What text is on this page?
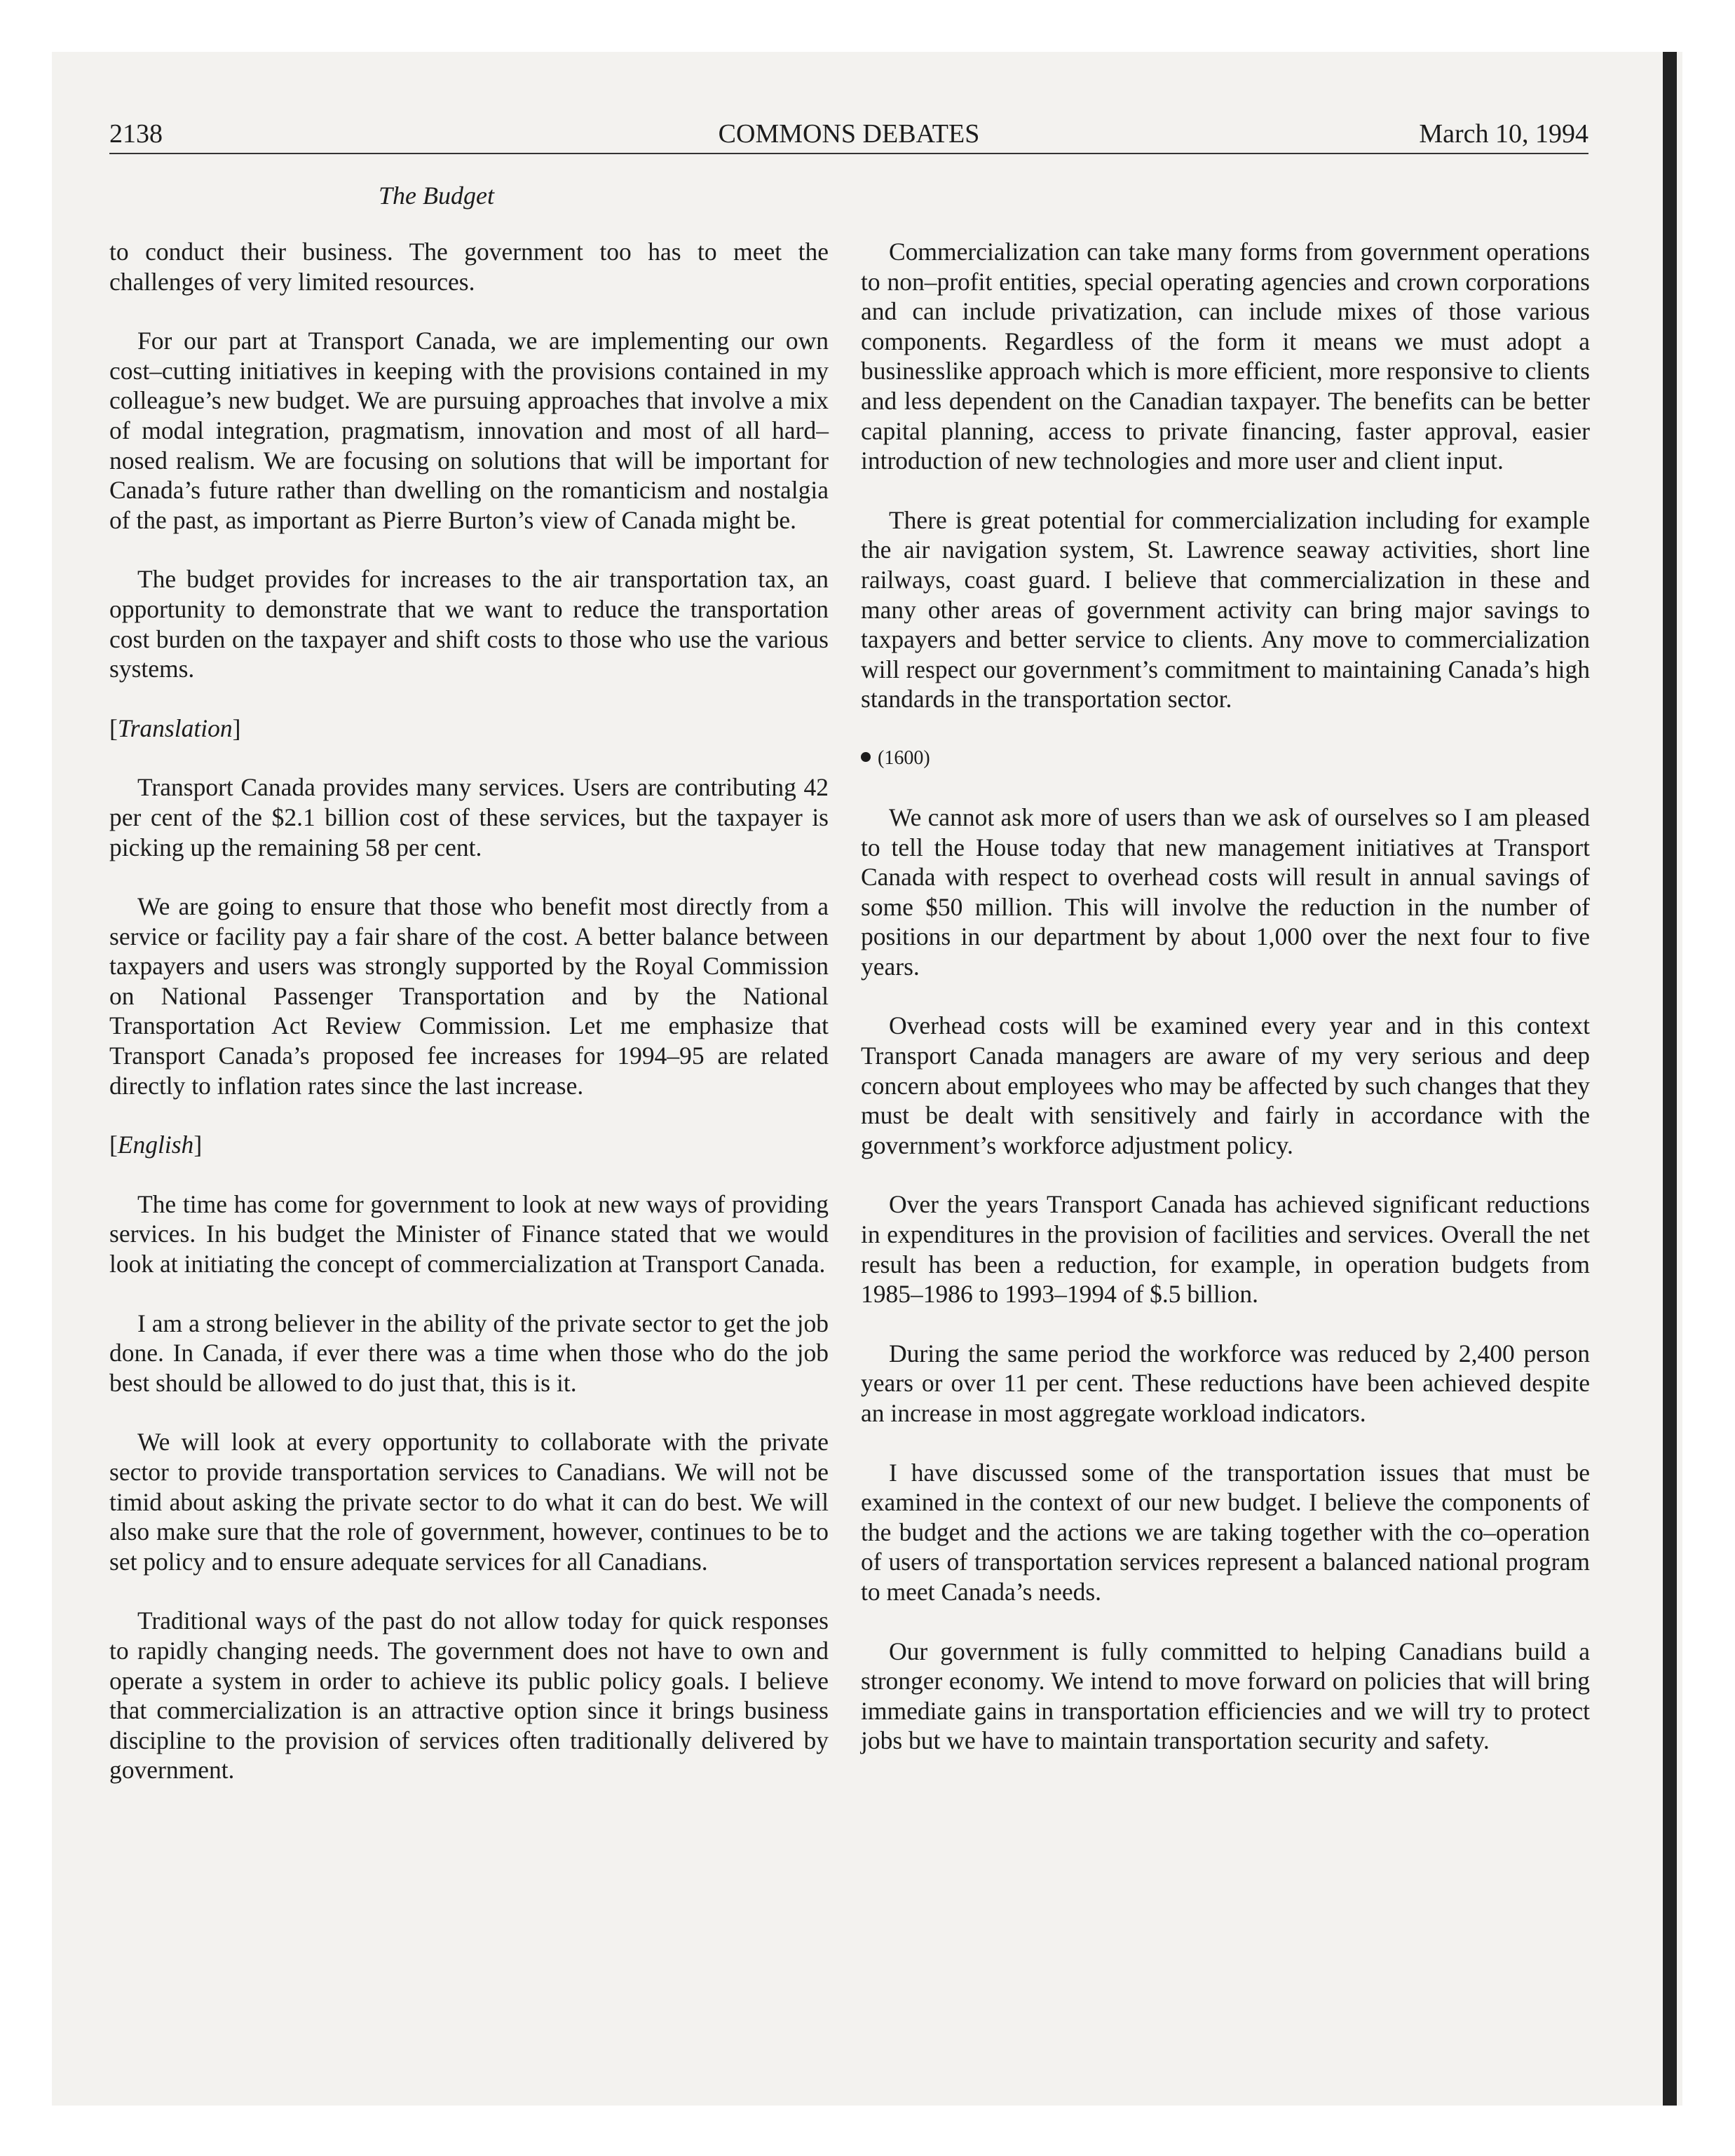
2138	COMMONS DEBATES	March 10, 1994
The Budget

to conduct their business. The government too has to meet the challenges of very limited resources.

For our part at Transport Canada, we are implementing our own cost–cutting initiatives in keeping with the provisions contained in my colleague’s new budget. We are pursuing approaches that involve a mix of modal integration, pragmatism, innovation and most of all hard–nosed realism. We are focusing on solutions that will be important for Canada’s future rather than dwelling on the romanticism and nostalgia of the past, as important as Pierre Burton’s view of Canada might be.

The budget provides for increases to the air transportation tax, an opportunity to demonstrate that we want to reduce the transportation cost burden on the taxpayer and shift costs to those who use the various systems.

[Translation]

Transport Canada provides many services. Users are contributing 42 per cent of the $2.1 billion cost of these services, but the taxpayer is picking up the remaining 58 per cent.

We are going to ensure that those who benefit most directly from a service or facility pay a fair share of the cost. A better balance between taxpayers and users was strongly supported by the Royal Commission on National Passenger Transportation and by the National Transportation Act Review Commission. Let me emphasize that Transport Canada’s proposed fee increases for 1994–95 are related directly to inflation rates since the last increase.

[English]

The time has come for government to look at new ways of providing services. In his budget the Minister of Finance stated that we would look at initiating the concept of commercialization at Transport Canada.

I am a strong believer in the ability of the private sector to get the job done. In Canada, if ever there was a time when those who do the job best should be allowed to do just that, this is it.

We will look at every opportunity to collaborate with the private sector to provide transportation services to Canadians. We will not be timid about asking the private sector to do what it can do best. We will also make sure that the role of government, however, continues to be to set policy and to ensure adequate services for all Canadians.

Traditional ways of the past do not allow today for quick responses to rapidly changing needs. The government does not have to own and operate a system in order to achieve its public policy goals. I believe that commercialization is an attractive option since it brings business discipline to the provision of services often traditionally delivered by government.

Commercialization can take many forms from government operations to non–profit entities, special operating agencies and crown corporations and can include privatization, can include mixes of those various components. Regardless of the form it means we must adopt a businesslike approach which is more efficient, more responsive to clients and less dependent on the Canadian taxpayer. The benefits can be better capital planning, access to private financing, faster approval, easier introduction of new technologies and more user and client input.

There is great potential for commercialization including for example the air navigation system, St. Lawrence seaway activities, short line railways, coast guard. I believe that commercialization in these and many other areas of government activity can bring major savings to taxpayers and better service to clients. Any move to commercialization will respect our government’s commitment to maintaining Canada’s high standards in the transportation sector.

(1600)

We cannot ask more of users than we ask of ourselves so I am pleased to tell the House today that new management initiatives at Transport Canada with respect to overhead costs will result in annual savings of some $50 million. This will involve the reduction in the number of positions in our department by about 1,000 over the next four to five years.

Overhead costs will be examined every year and in this context Transport Canada managers are aware of my very serious and deep concern about employees who may be affected by such changes that they must be dealt with sensitively and fairly in accordance with the government’s workforce adjustment policy.

Over the years Transport Canada has achieved significant reductions in expenditures in the provision of facilities and services. Overall the net result has been a reduction, for example, in operation budgets from 1985–1986 to 1993–1994 of $.5 billion.

During the same period the workforce was reduced by 2,400 person years or over 11 per cent. These reductions have been achieved despite an increase in most aggregate workload indicators.

I have discussed some of the transportation issues that must be examined in the context of our new budget. I believe the components of the budget and the actions we are taking together with the co–operation of users of transportation services represent a balanced national program to meet Canada’s needs.

Our government is fully committed to helping Canadians build a stronger economy. We intend to move forward on policies that will bring immediate gains in transportation efficiencies and we will try to protect jobs but we have to maintain transportation security and safety.
